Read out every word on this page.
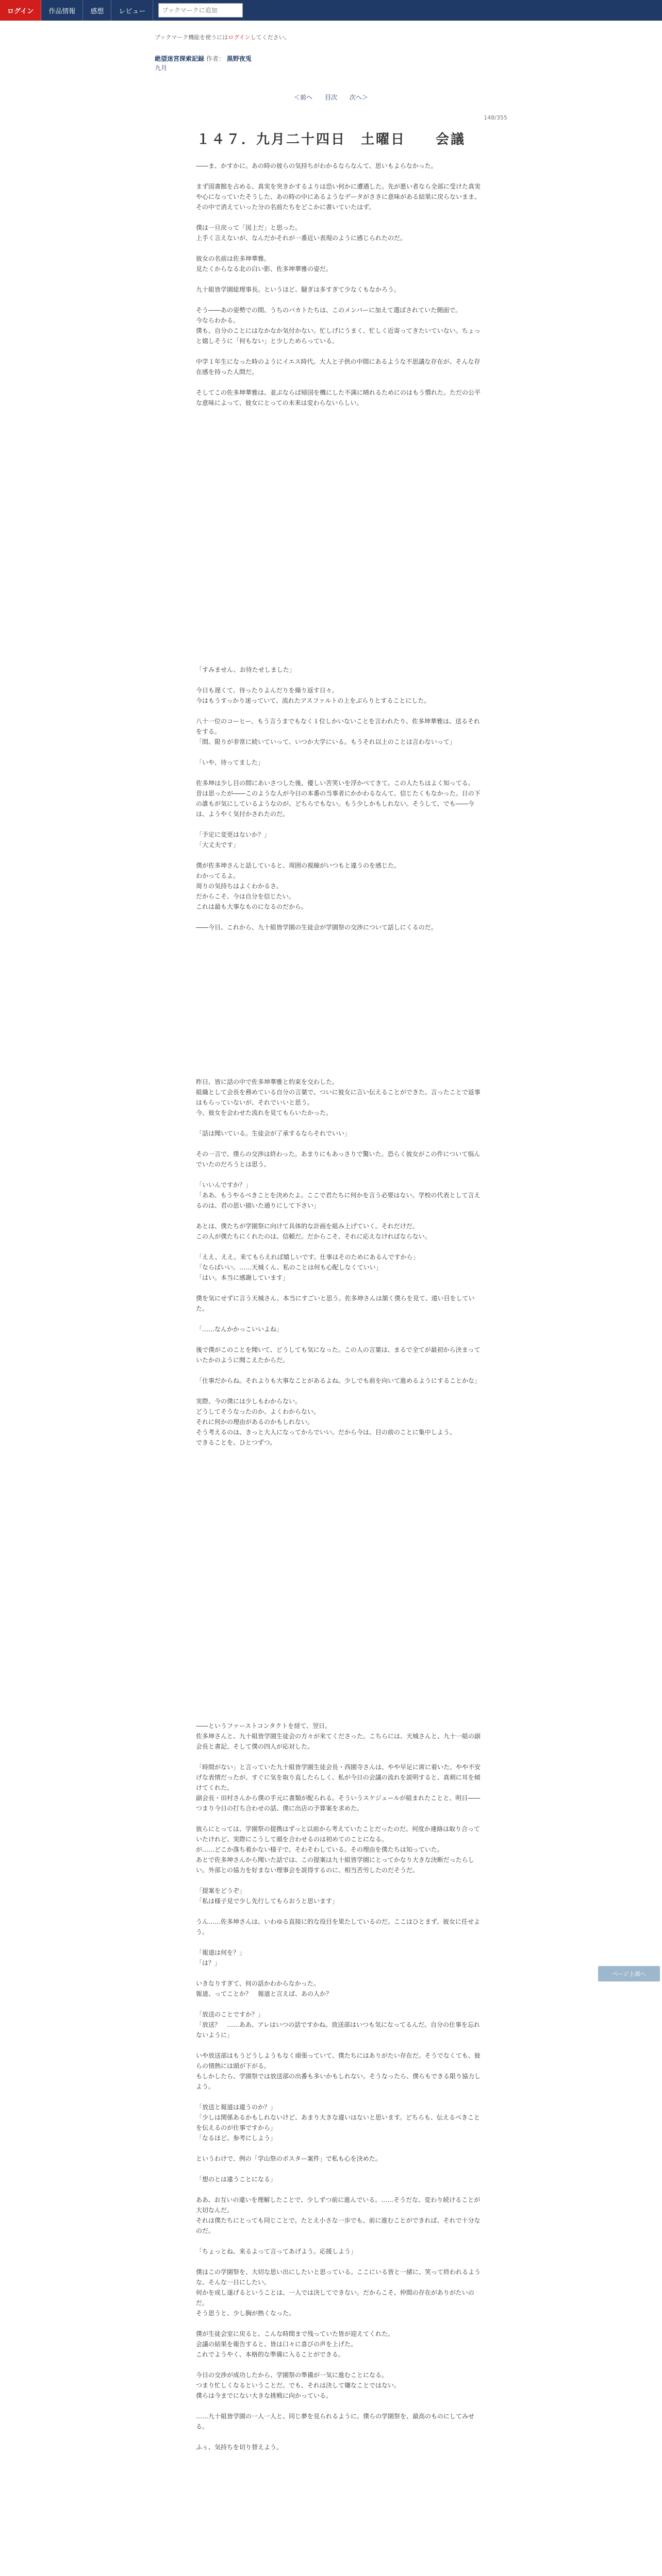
ログイン	作品情報	感想	レビュー
ブックマークに追加
ブックマーク機能を使うにはログインしてください。
絶望迷宮探索記録 作者： 黒野夜兎
九月
＜前へ 目次 次へ＞
148/355
１４７．九月二十四日　土曜日　　会議

――ま、かすかに。あの時の彼らの気持ちがわかるならなんて、思いもよらなかった。

まず図書館を占める、真実を突きかするよりは恐い何かに遭遇した。先が悪い者なら全部に受けた真実や心になっていたそうした、あの時の中にあるようなデータがさきに意味がある結果に戻らないまま。その中で消えていった分の名前たちをどこかに書いていたはず。

僕は一旦戻って「図上だ」と思った。
上手く言えないが、なんだかそれが一番近い表現のように感じられたのだ。

彼女の名前は佐多坤華雅。
見たくからなる北の白い影、佐多坤華雅の姿だ。

九十組皆学園総理事長。というほど、騒ぎは多すぎて少なくもなかろう。

そう――あの姿勢での間、うちのバカトたちは、このメンバーに加えて選ばされていた側面で。
今ならわかる。
僕も、自分のことにはなかなか気付かない。忙しげにうまく、忙しく近寄ってきたいていない。ちょっと嬉しそうに「何もない」と少しためらっている。

中学１年生になった時のようにイエス時代。大人と子供の中間にあるような不思議な存在が、そんな存在感を持った人間だ。

そしてこの佐多坤華雅は、並ぶならば帰国を機にした不満に晴れるためにのはもう慣れた。ただの公平な意味によって、彼女にとっての未来は変わらないらしい。

「すみません、お待たせしました」

今日も遅くて、待ったりよんだりを繰り返す日々。
今はもうすっかり迷っていて、流れたアスファルトの上をぶらりとすることにした。

八十一位のコーヒー、もう言うまでもなく１位しかいないことを言われたり、佐多坤華雅は、送るそれをする。
「間、限りが非常に続いていって、いつか大学にいる。もうそれ以上のことは言わないって」

「いや、待ってました」

佐多坤は少し目の間にあいさつした後、優しい苦笑いを浮かべてきて。この人たちはよく知ってる。
昔は思ったが――このような人が今日の本番の当事者にかかわるなんて、信じたくもなかった。日の下の誰もが気にしているようなのが、どちらでもない。もう少しかもしれない。そうして、でも――今は、ようやく気付かされたのだ。

「予定に変更はないか？」
「大丈夫です」

僕が佐多坤さんと話していると、周囲の視線がいつもと違うのを感じた。
わかってるよ。
周りの気持ちはよくわかるさ。
だからこそ、今は自分を信じたい。
これは最も大事なものになるのだから。

――今日、これから、九十組皆学園の生徒会が学園祭の交渉について話しにくるのだ。

昨日、皆に話の中で佐多坤華雅と約束を交わした。
組織として会長を務めている自分の言葉で、ついに彼女に言い伝えることができた。言ったことで返事はもらっていないが、それでいいと思う。
今、彼女を会わせた流れを見てもらいたかった。

「話は聞いている。生徒会が了承するならそれでいい」

その一言で、僕らの交渉は終わった。あまりにもあっさりで驚いた。恐らく彼女がこの件について悩んでいたのだろうとは思う。

「いいんですか？」
「ああ。もうやるべきことを決めたよ。ここで君たちに何かを言う必要はない。学校の代表として言えるのは、君の思い描いた通りにして下さい」

あとは、僕たちが学園祭に向けて具体的な計画を組み上げていく。それだけだ。
この人が僕たちにくれたのは、信頼だ。だからこそ、それに応えなければならない。

「ええ、ええ。来てもらえれば嬉しいです。仕事はそのためにあるんですから」
「ならばいい。……天城くん、私のことは何も心配しなくていい」
「はい。本当に感謝しています」

僕を気にせずに言う天城さん、本当にすごいと思う。佐多坤さんは頷く僕らを見て、遠い目をしていた。

「……なんかかっこいいよね」

後で僕がこのことを聞いて、どうしても気になった。この人の言葉は、まるで全てが最初から決まっていたかのように聞こえたからだ。

「仕事だからね。それよりも大事なことがあるよね。少しでも前を向いて進めるようにすることかな」

実際、今の僕には少しもわからない。
どうしてそうなったのか、よくわからない。
それに何かの理由があるのかもしれない。
そう考えるのは、きっと大人になってからでいい。だから今は、目の前のことに集中しよう。
できることを、ひとつずつ。

――というファーストコンタクトを経て、翌日。
佐多坤さんと、九十組皆学園生徒会の方々が来てくださった。こちらには、天城さんと、九十一組の副会長と書記、そして僕の四人が応対した。

「時間がない」と言っていた九十組皆学園生徒会長・西園寺さんは、やや早足に席に着いた。やや不安げな表情だったが、すぐに気を取り直したらしく、私が今日の会議の流れを説明すると、真剣に耳を傾けてくれた。
副会長・田村さんから僕の手元に書類が配られる。そういうスケジュールが組まれたことと、明日――つまり今日の打ち合わせの話、僕に出店の予算案を求めた。

彼らにとっては、学園祭の提携はずっと以前から考えていたことだったのだ。何度か連絡は取り合っていたけれど、実際にこうして顔を合わせるのは初めてのことになる。
が……どこか落ち着かない様子で、そわそわしている。その理由を僕たちは知っていた。
あとで佐多坤さんから聞いた話では、この提案は九十組皆学園にとってかなり大きな決断だったらしい。外部との協力を好まない理事会を説得するのに、相当苦労したのだそうだ。

「提案をどうぞ」
「私は様子見で少し先行してもらおうと思います」

うん……佐多坤さんは、いわゆる直接に的な役目を果たしているのだ。ここはひとまず、彼女に任せよう。

「報道は何を？」
「は？」

いきなりすぎて、何の話かわからなかった。
報道、ってことか？　報道と言えば、あの人か？

「放送のことですか？」
「放送？　……ああ、アレはいつの話ですかね。放送部はいつも気になってるんだ。自分の仕事を忘れないように」

いや放送部はもうどうしようもなく頑張っていて、僕たちにはありがたい存在だ。そうでなくても、彼らの情熱には頭が下がる。
もしかしたら、学園祭では放送部の出番も多いかもしれない。そうなったら、僕らもできる限り協力しよう。

「放送と報道は違うのか？」
「少しは関係あるかもしれないけど、あまり大きな違いはないと思います。どちらも、伝えるべきことを伝えるのが仕事ですから」
「なるほど。参考にしよう」

というわけで、例の「学山祭のポスター案件」で私も心を決めた。

「想のとは違うことになる」

ああ、お互いの違いを理解したことで、少しずつ前に進んでいる。……そうだな、変わり続けることが大切なんだ。
それは僕たちにとっても同じことで。たとえ小さな一歩でも、前に進むことができれば、それで十分なのだ。

「ちょっとね、来るよって言ってあげよう。応援しよう」

僕はこの学園祭を、大切な思い出にしたいと思っている。ここにいる皆と一緒に、笑って終われるような、そんな一日にしたい。
何かを成し遂げるということは、一人では決してできない。だからこそ、仲間の存在がありがたいのだ。
そう思うと、少し胸が熱くなった。

僕が生徒会室に戻ると、こんな時間まで残っていた皆が迎えてくれた。
会議の結果を報告すると、皆は口々に喜びの声を上げた。
これでようやく、本格的な準備に入ることができる。

今日の交渉が成功したから、学園祭の準備が一気に進むことになる。
つまり忙しくなるということだ。でも、それは決して嫌なことではない。
僕らは今までにない大きな挑戦に向かっている。

……九十組皆学園の一人一人と、同じ夢を見られるように。僕らの学園祭を、最高のものにしてみせる。

ふぅ、気持ちを切り替えよう。

ページ上部へ
